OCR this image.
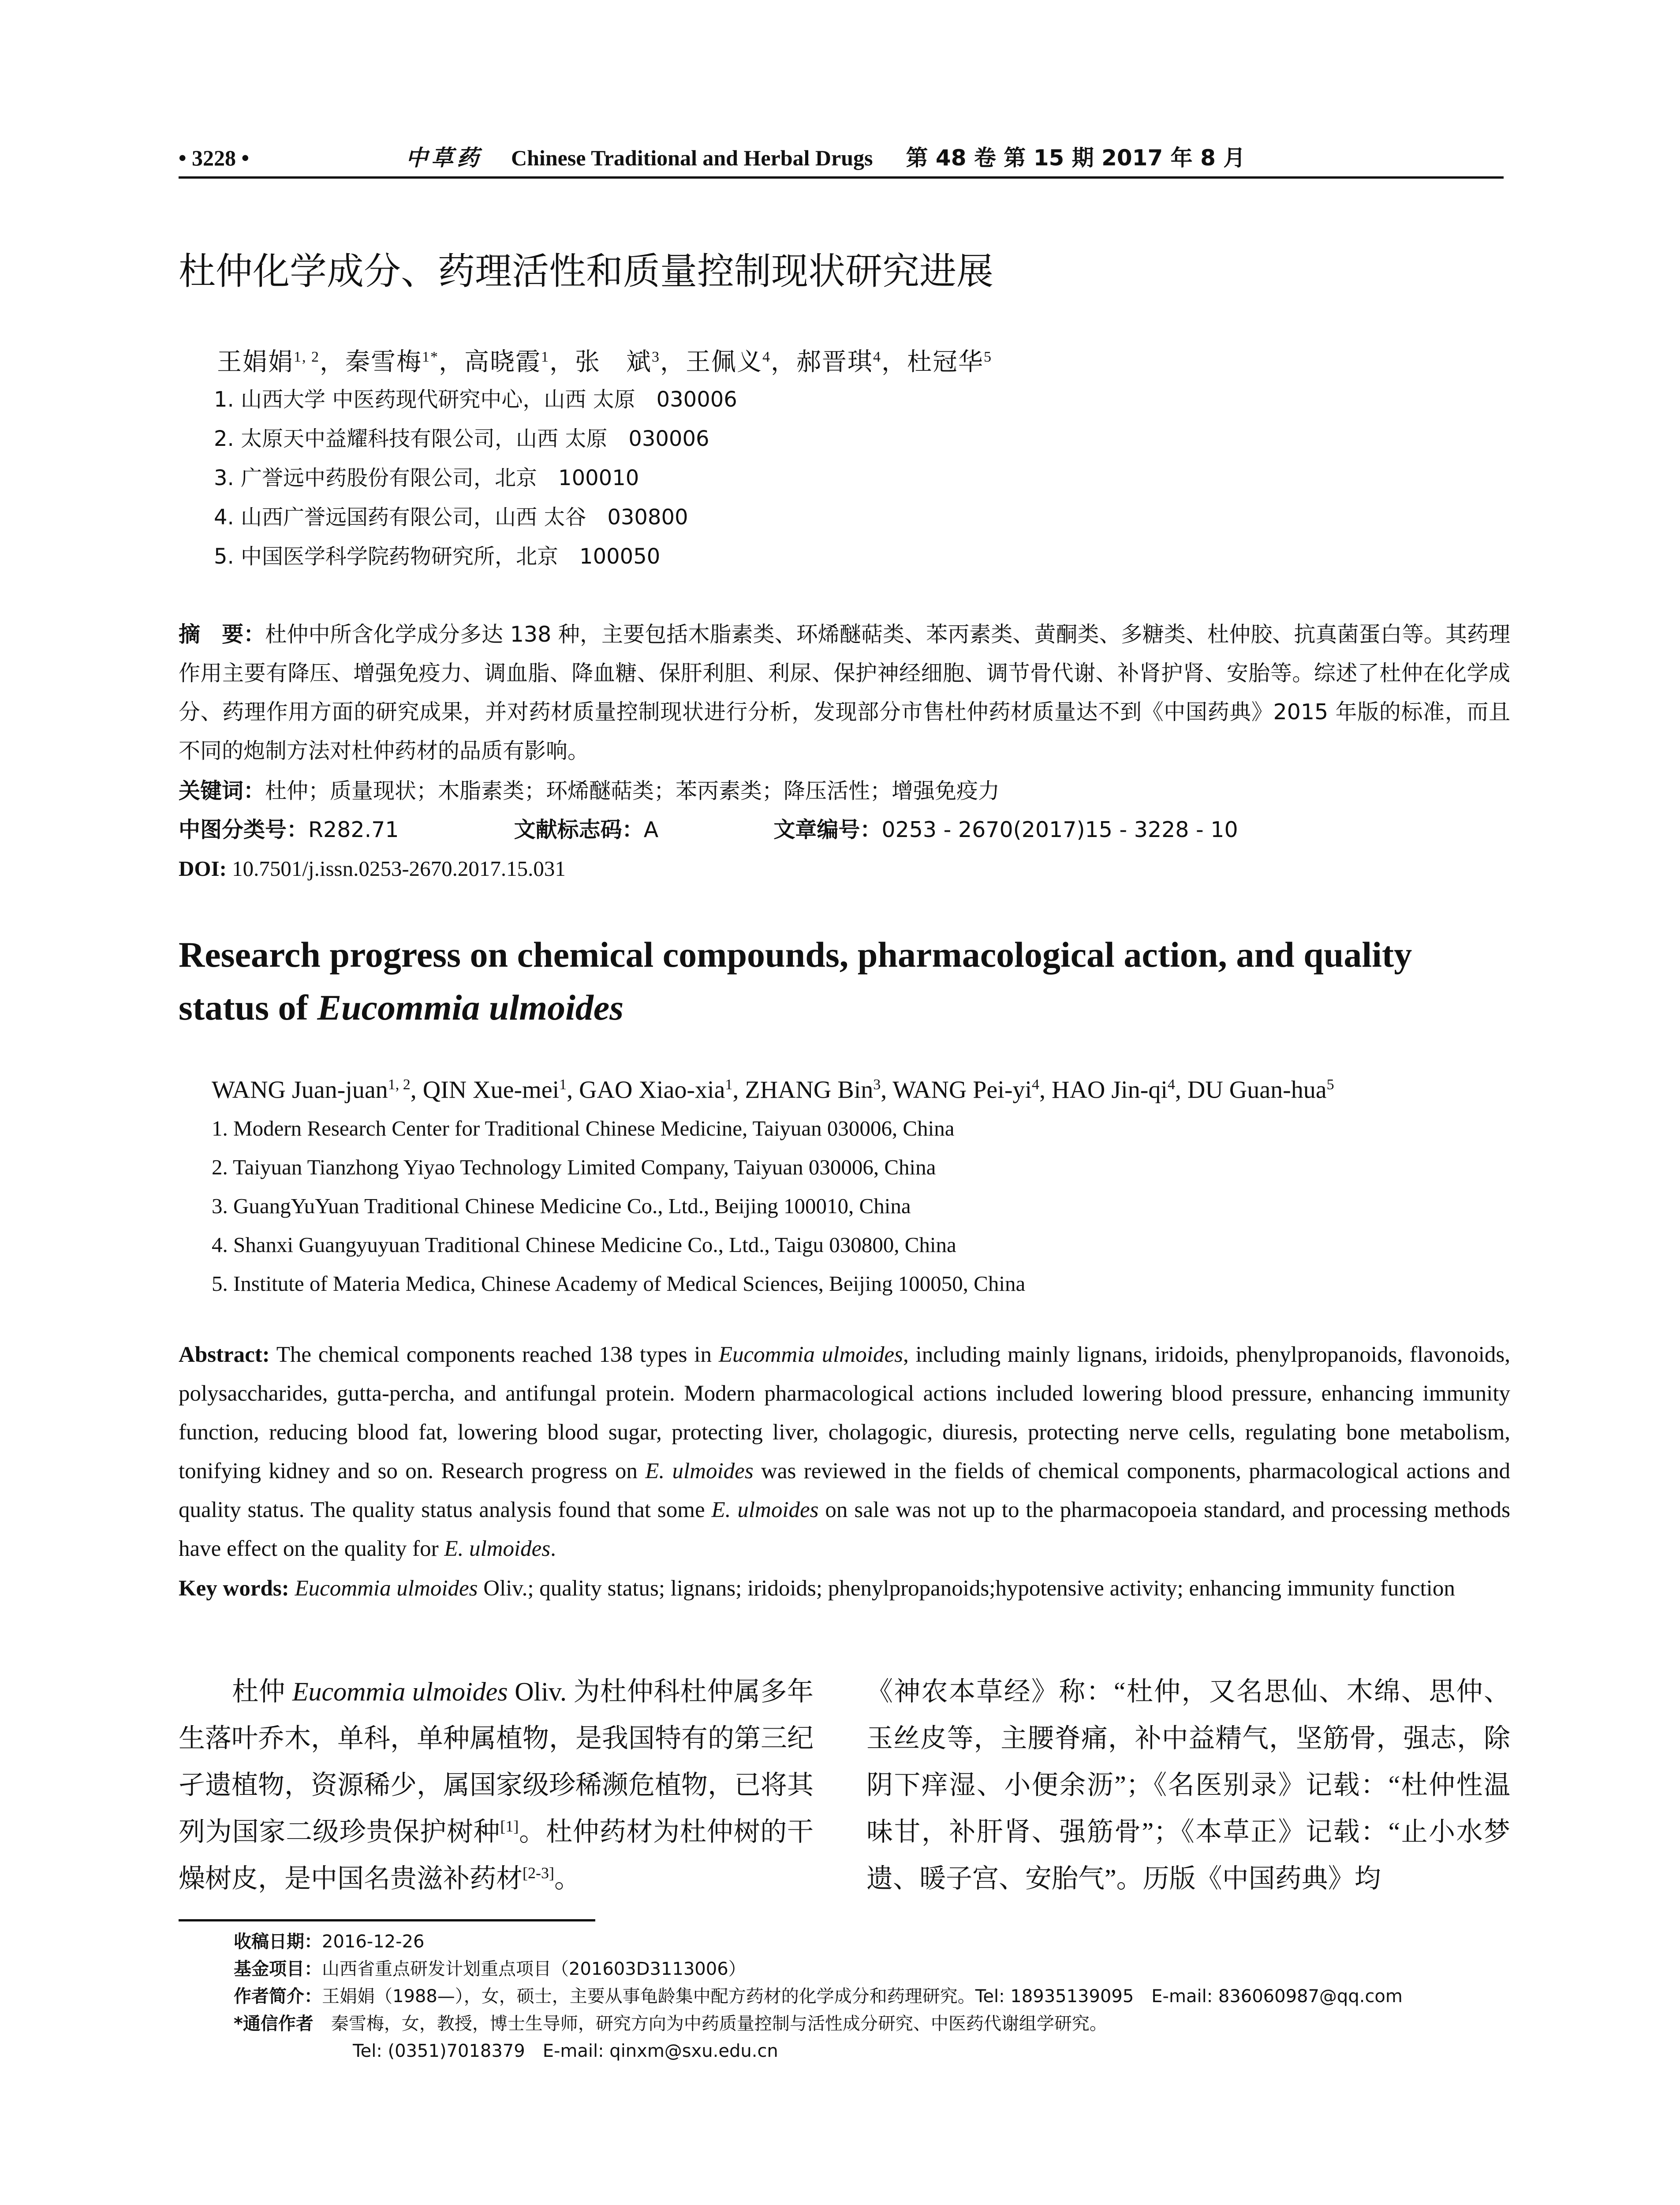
• 3228 •	中草药 Chinese Traditional and Herbal Drugs 第 48 卷 第 15 期 2017 年 8 月
杜仲化学成分、药理活性和质量控制现状研究进展
王娟娟$^{1, 2}$，秦雪梅$^{1*}$，高晓霞$^1$，张　斌$^3$，王佩义$^4$，郝晋琪$^4$，杜冠华$^5$
1. 山西大学 中医药现代研究中心，山西 太原　030006
2. 太原天中益耀科技有限公司，山西 太原　030006
3. 广誉远中药股份有限公司，北京　100010
4. 山西广誉远国药有限公司，山西 太谷　030800
5. 中国医学科学院药物研究所，北京　100050
摘　要：杜仲中所含化学成分多达 138 种，主要包括木脂素类、环烯醚萜类、苯丙素类、黄酮类、多糖类、杜仲胶、抗真菌蛋白等。其药理作用主要有降压、增强免疫力、调血脂、降血糖、保肝利胆、利尿、保护神经细胞、调节骨代谢、补肾护肾、安胎等。综述了杜仲在化学成分、药理作用方面的研究成果，并对药材质量控制现状进行分析，发现部分市售杜仲药材质量达不到《中国药典》2015 年版的标准，而且不同的炮制方法对杜仲药材的品质有影响。
关键词：杜仲；质量现状；木脂素类；环烯醚萜类；苯丙素类；降压活性；增强免疫力
中图分类号：R282.71	文献标志码：A	文章编号：0253 - 2670(2017)15 - 3228 - 10
DOI: 10.7501/j.issn.0253-2670.2017.15.031
Research progress on chemical compounds, pharmacological action, and quality status of Eucommia ulmoides
WANG Juan-juan$^{1, 2}$, QIN Xue-mei$^1$, GAO Xiao-xia$^1$, ZHANG Bin$^3$, WANG Pei-$yi^4$, HAO Jin-$qi^4$, DU Guan-hua$^5$
1. Modern Research Center for Traditional Chinese Medicine, Taiyuan 030006, China
2. Taiyuan Tianzhong Yiyao Technology Limited Company, Taiyuan 030006, China
3. GuangYuYuan Traditional Chinese Medicine Co., Ltd., Beijing 100010, China
4. Shanxi Guangyuyuan Traditional Chinese Medicine Co., Ltd., Taigu 030800, China
5. Institute of Materia Medica, Chinese Academy of Medical Sciences, Beijing 100050, China
Abstract: The chemical components reached 138 types in Eucommia ulmoides, including mainly lignans, iridoids, phenylpropanoids, flavonoids, polysaccharides, gutta-percha, and antifungal protein. Modern pharmacological actions included lowering blood pressure, enhancing immunity function, reducing blood fat, lowering blood sugar, protecting liver, cholagogic, diuresis, protecting nerve cells, regulating bone metabolism, tonifying kidney and so on. Research progress on E. ulmoides was reviewed in the fields of chemical components, pharmacological actions and quality status. The quality status analysis found that some E. ulmoides on sale was not up to the pharmacopoeia standard, and processing methods have effect on the quality for E. ulmoides.
Key words: Eucommia ulmoides Oliv.; quality status; lignans; iridoids; phenylpropanoids;hypotensive activity; enhancing immunity function
　　杜仲 Eucommia ulmoides Oliv. 为杜仲科杜仲属多年生落叶乔木，单科，单种属植物，是我国特有的第三纪孑遗植物，资源稀少，属国家级珍稀濒危植物，已将其列为国家二级珍贵保护树种[1]。杜仲药材为杜仲树的干燥树皮，是中国名贵滋补药材[2-3]。
《神农本草经》称：“杜仲，又名思仙、木绵、思仲、玉丝皮等，主腰脊痛，补中益精气，坚筋骨，强志，除阴下痒湿、小便余沥”；《名医别录》记载：“杜仲性温味甘，补肝肾、强筋骨”；《本草正》记载：“止小水梦遗、暖子宫、安胎气”。历版《中国药典》均
收稿日期：2016-12-26
基金项目：山西省重点研发计划重点项目（201603D3113006）
作者简介：王娟娟（1988—），女，硕士，主要从事龟龄集中配方药材的化学成分和药理研究。Tel: 18935139095　E-mail: 836060987@qq.com
*通信作者　秦雪梅，女，教授，博士生导师，研究方向为中药质量控制与活性成分研究、中医药代谢组学研究。
Tel: (0351)7018379　E-mail: qinxm@sxu.edu.cn
